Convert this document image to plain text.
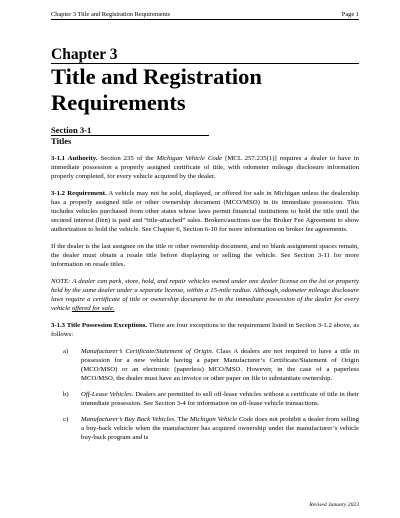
Chapter 3 Title and Registration Requirements	Page 1
Chapter 3
Title and Registration Requirements
Section 3-1
Titles

3-1.1 Authority. Section 235 of the Michigan Vehicle Code [MCL 257.235(1)] requires a dealer to have in immediate possession a properly assigned certificate of title, with odometer mileage disclosure information properly completed, for every vehicle acquired by the dealer.

3-1.2 Requirement. A vehicle may not be sold, displayed, or offered for sale in Michigan unless the dealership has a properly assigned title or other ownership document (MCO/MSO) in its immediate possession. This includes vehicles purchased from other states whose laws permit financial institutions to hold the title until the secured interest (lien) is paid and “title-attached” sales. Brokers/auctions use the Broker Fee Agreement to show authorization to hold the vehicle. See Chapter 6, Section 6-10 for more information on broker fee agreements.

If the dealer is the last assignee on the title or other ownership document, and no blank assignment spaces remain, the dealer must obtain a resale title before displaying or selling the vehicle. See Section 3-11 for more information on resale titles.

NOTE: A dealer can park, store, hold, and repair vehicles owned under one dealer license on the lot or property held by the same dealer under a separate license, within a 15-mile radius. Although, odometer mileage disclosure laws require a certificate of title or ownership document be in the immediate possession of the dealer for every vehicle offered for sale.

3-1.3 Title Possession Exceptions. There are four exceptions to the requirement listed in Section 3-1.2 above, as follows:

a)	Manufacturer’s Certificate/Statement of Origin. Class A dealers are not required to have a title in possession for a new vehicle having a paper Manufacturer’s Certificate/Statement of Origin (MCO/MSO) or an electronic (paperless) MCO/MSO. However, in the case of a paperless MCO/MSO, the dealer must have an invoice or other paper on file to substantiate ownership.
b)	Off-Lease Vehicles. Dealers are permitted to sell off-lease vehicles without a certificate of title in their immediate possession. See Section 3-4 for information on off-lease vehicle transactions.
c)	Manufacturer’s Buy Back Vehicles. The Michigan Vehicle Code does not prohibit a dealer from selling a buy-back vehicle when the manufacturer has acquired ownership under the manufacturer’s vehicle buy-back program and is
Revised January 2023
